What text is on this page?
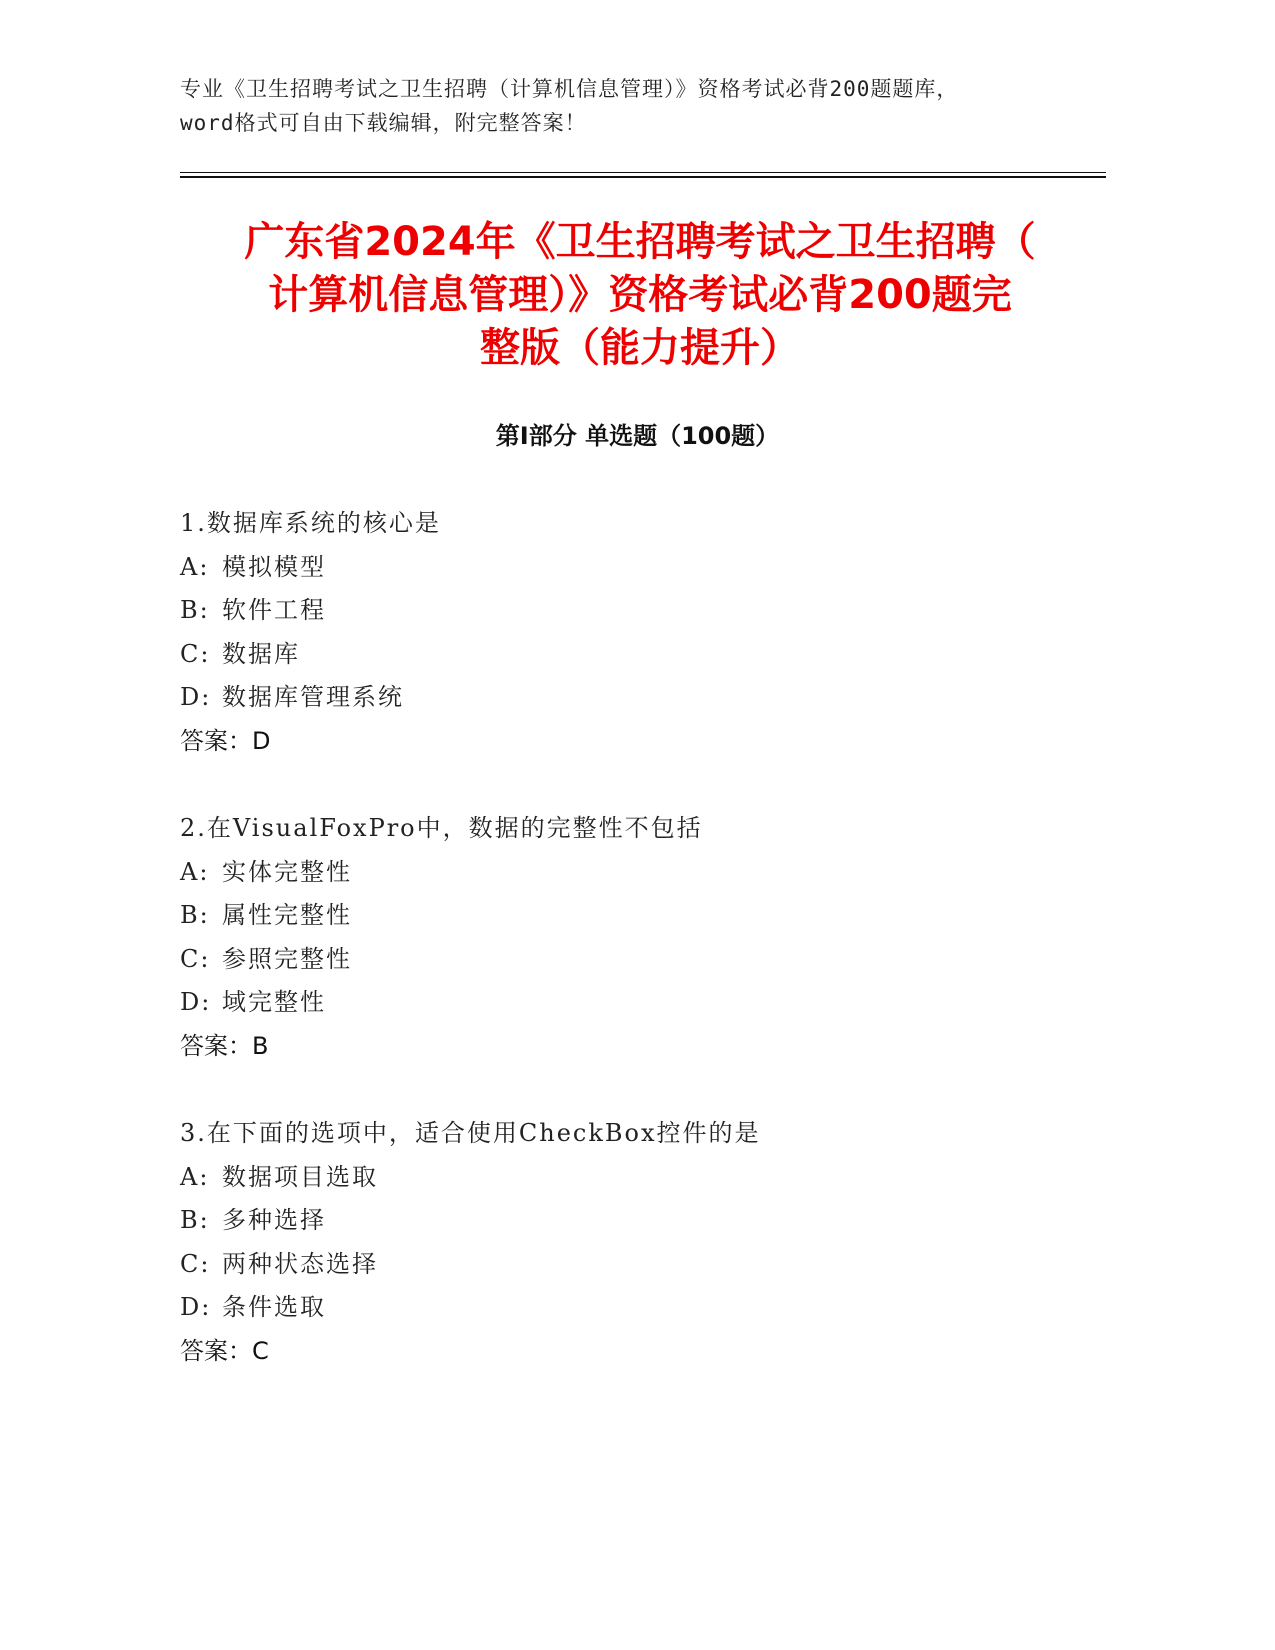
专业《卫生招聘考试之卫生招聘（计算机信息管理）》资格考试必背200题题库，
word格式可自由下载编辑，附完整答案！
广东省2024年《卫生招聘考试之卫生招聘（
计算机信息管理）》资格考试必背200题完
整版（能力提升）
第Ⅰ部分 单选题（100题）
1.数据库系统的核心是
A: 模拟模型
B: 软件工程
C: 数据库
D: 数据库管理系统
答案：D
2.在VisualFoxPro中，数据的完整性不包括
A: 实体完整性
B: 属性完整性
C: 参照完整性
D: 域完整性
答案：B
3.在下面的选项中，适合使用CheckBox控件的是
A: 数据项目选取
B: 多种选择
C: 两种状态选择
D: 条件选取
答案：C
